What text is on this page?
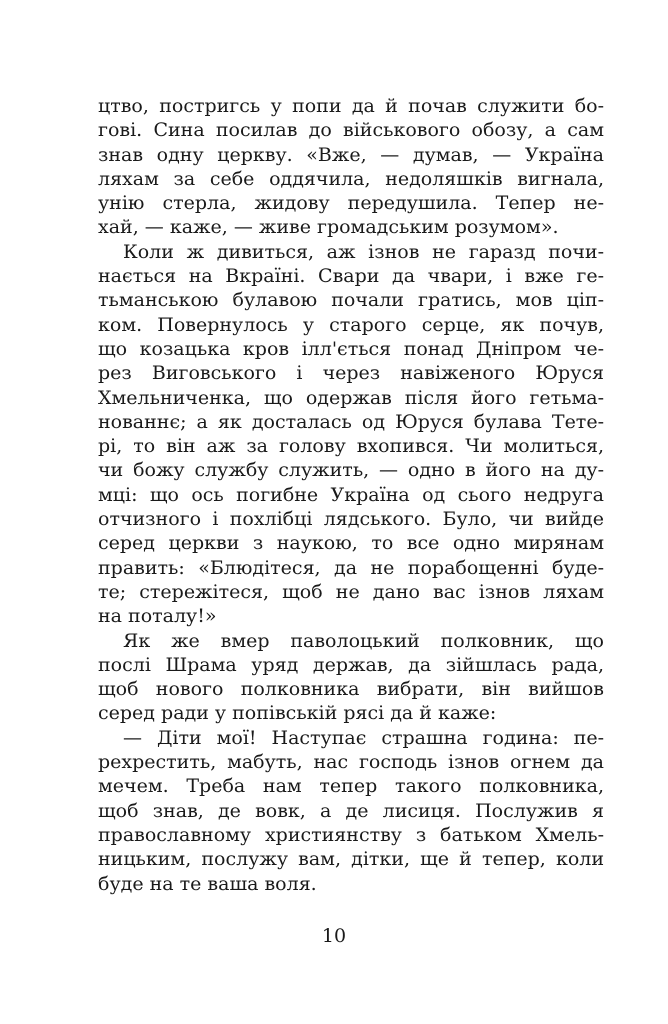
цтво, постригсь у попи да й почав служити бо-
гові. Сина посилав до військового обозу, а сам
знав одну церкву. «Вже, — думав, — Україна
ляхам за себе оддячила, недоляшків вигнала,
унію стерла, жидову передушила. Тепер не-
хай, — каже, — живе громадським розумом».
Коли ж дивиться, аж ізнов не гаразд почи-
нається на Вкраїні. Свари да чвари, і вже ге-
тьманською булавою почали гратись, мов ціп-
ком. Повернулось у старого серце, як почув,
що козацька кров ілл'ється понад Дніпром че-
рез Виговського і через навіженого Юруся
Хмельниченка, що одержав після його гетьма-
нованнє; а як досталась од Юруся булава Тете-
рі, то він аж за голову вхопився. Чи молиться,
чи божу службу служить, — одно в його на ду-
мці: що ось погибне Україна од сього недруга
отчизного і похлібці лядського. Було, чи вийде
серед церкви з наукою, то все одно мирянам
править: «Блюдітеся, да не порабощенні буде-
те; стережітеся, щоб не дано вас ізнов ляхам
на поталу!»
Як же вмер паволоцький полковник, що
послі Шрама уряд держав, да зійшлась рада,
щоб нового полковника вибрати, він вийшов
серед ради у попівській рясі да й каже:
— Діти мої! Наступає страшна година: пе-
рехрестить, мабуть, нас господь ізнов огнем да
мечем. Треба нам тепер такого полковника,
щоб знав, де вовк, а де лисиця. Послужив я
православному християнству з батьком Хмель-
ницьким, послужу вам, дітки, ще й тепер, коли
буде на те ваша воля.
10
